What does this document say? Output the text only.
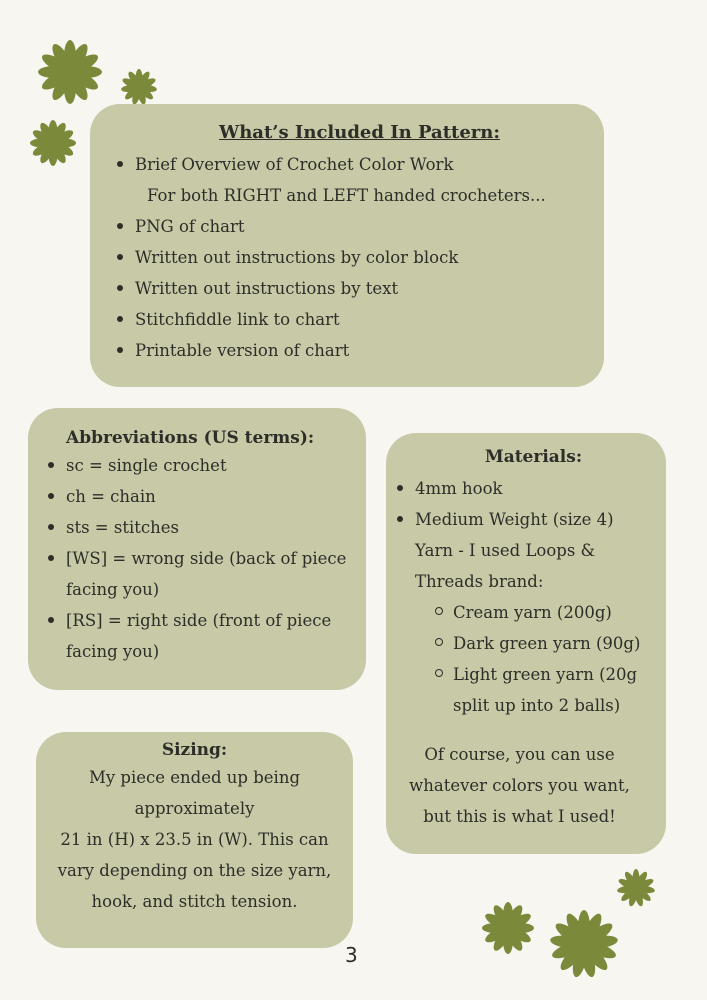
What’s Included In Pattern:
Brief Overview of Crochet Color Work
For both RIGHT and LEFT handed crocheters...
PNG of chart
Written out instructions by color block
Written out instructions by text
Stitchfiddle link to chart
Printable version of chart
Abbreviations (US terms):
sc = single crochet
ch = chain
sts = stitches
[WS] = wrong side (back of piece facing you)
[RS] = right side (front of piece facing you)
Materials:
4mm hook
Medium Weight (size 4) Yarn - I used Loops & Threads brand:
Cream yarn (200g)
Dark green yarn (90g)
Light green yarn (20g split up into 2 balls)
Of course, you can use whatever colors you want, but this is what I used!
Sizing:

My piece ended up being approximately

21 in (H) x 23.5 in (W). This can vary depending on the size yarn, hook, and stitch tension.

3
